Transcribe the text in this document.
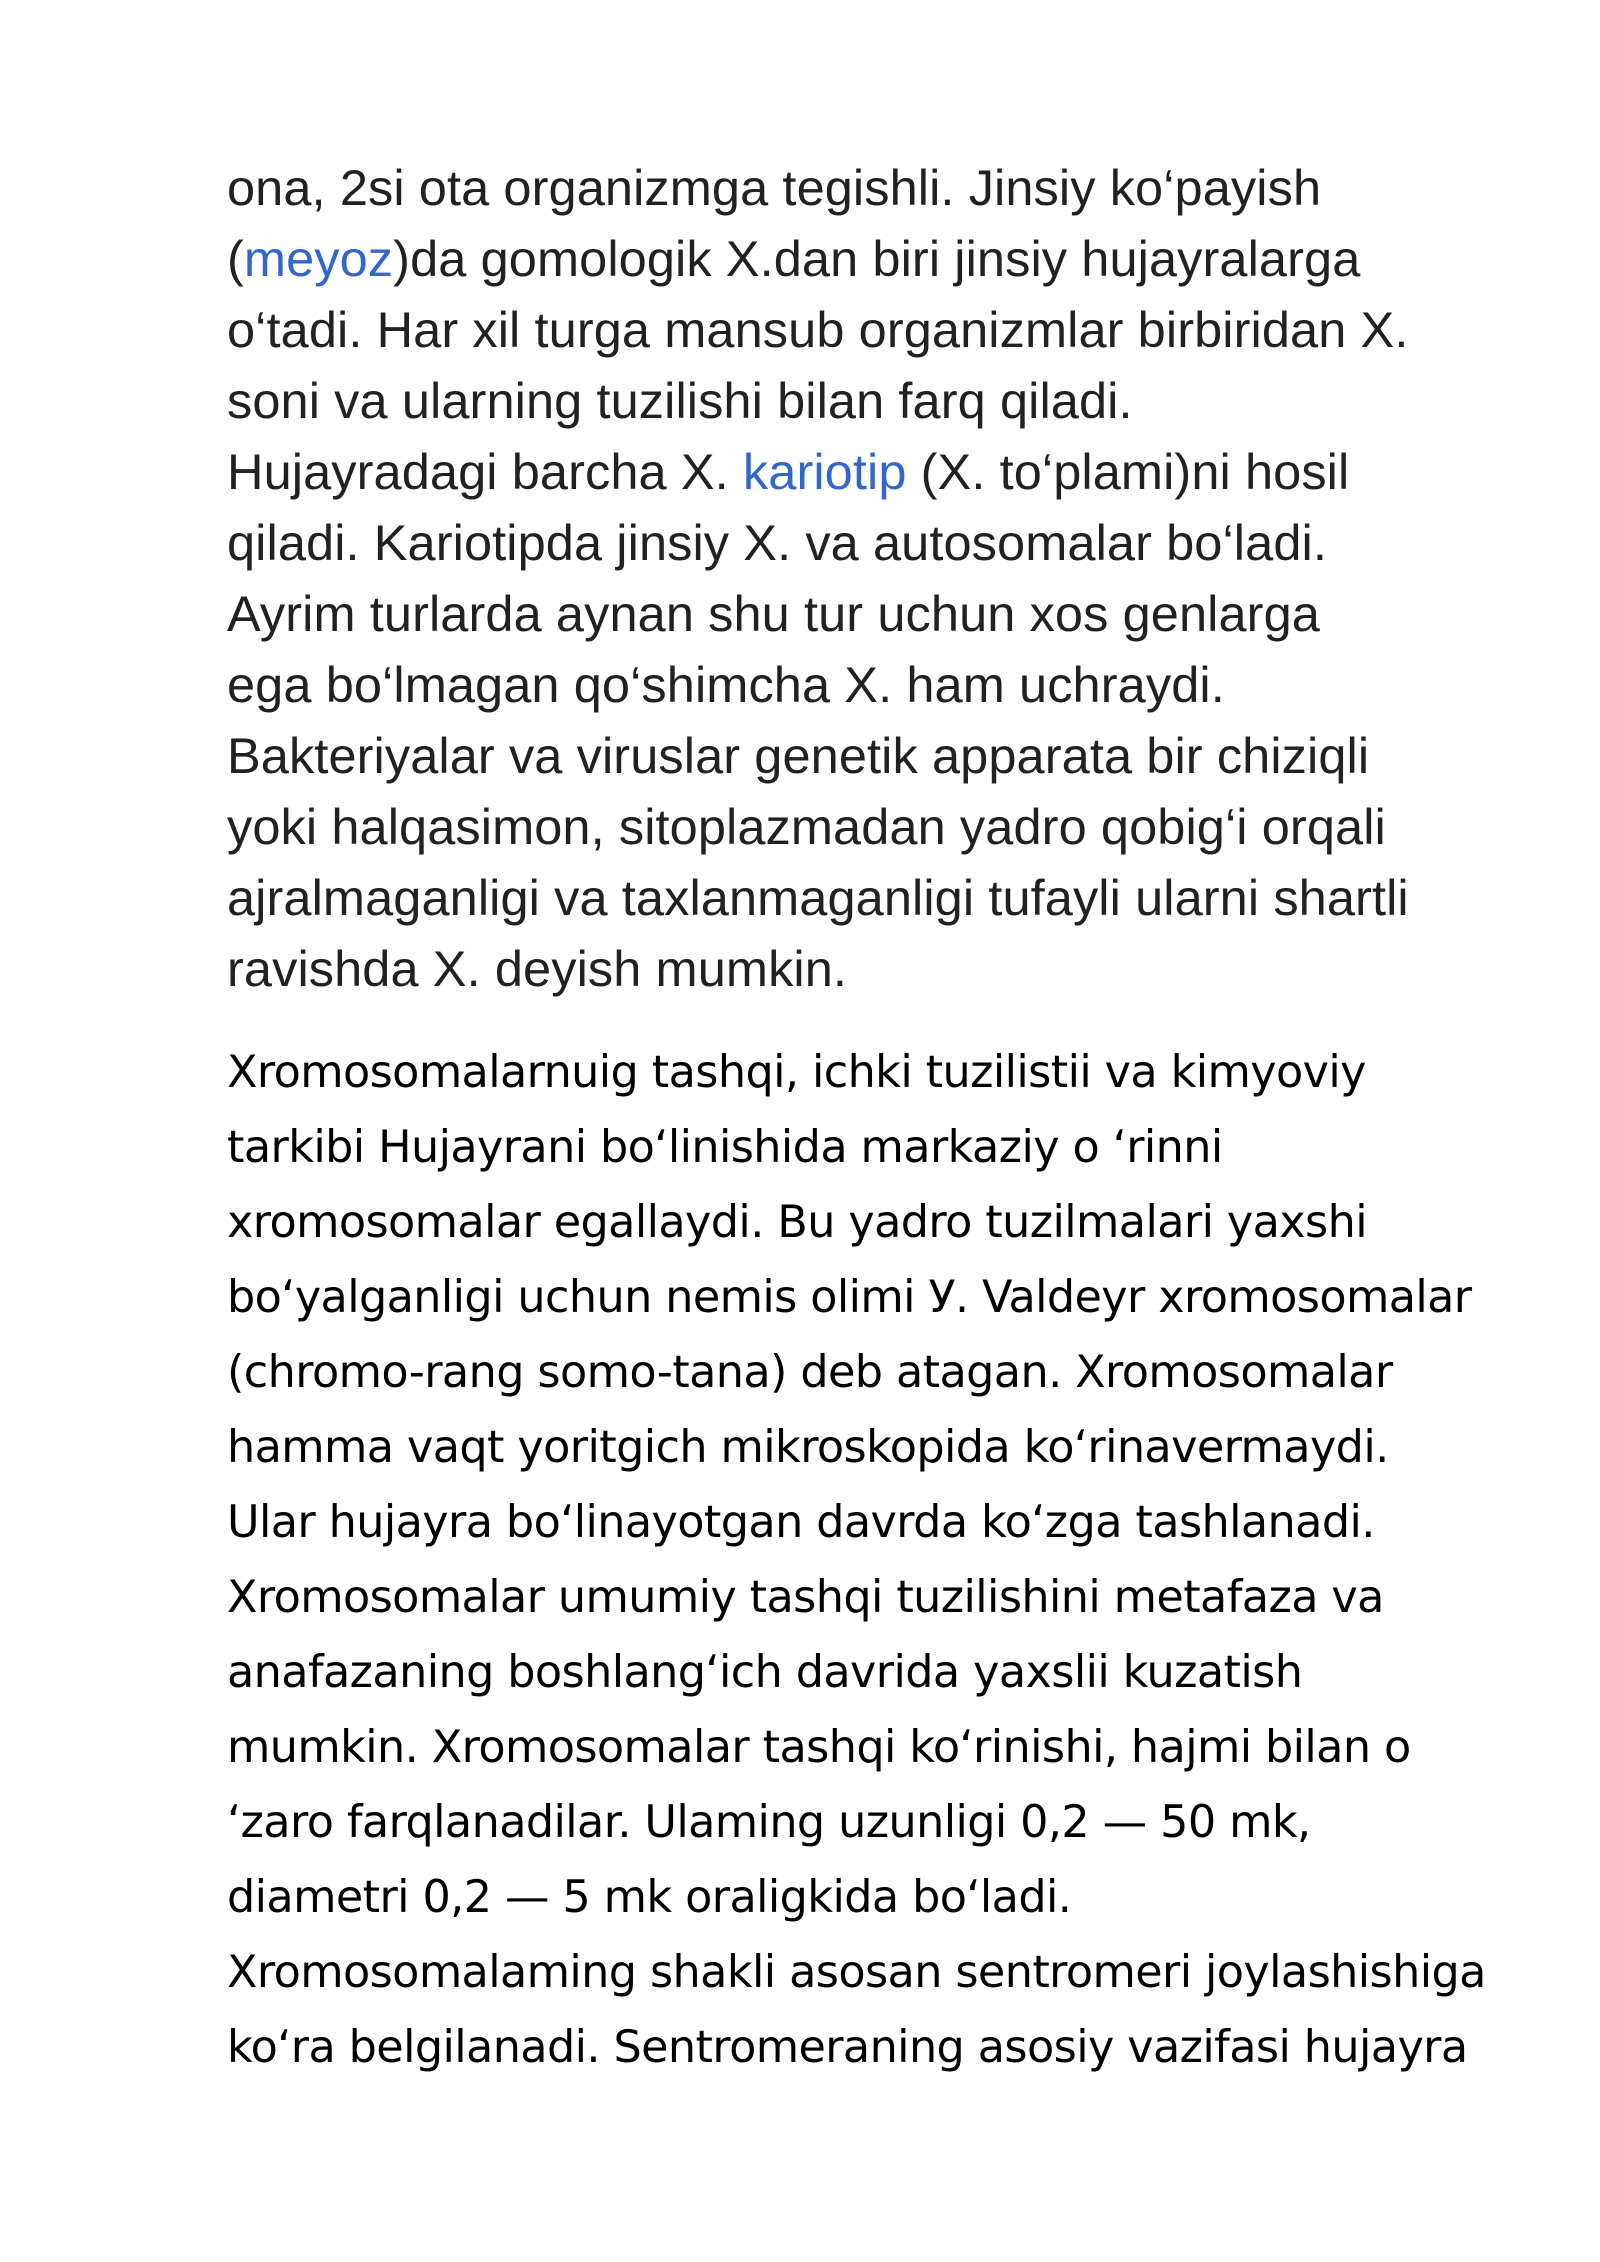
ona, 2si ota organizmga tegishli. Jinsiy ko‘payish
(meyoz)da gomologik X.dan biri jinsiy hujayralarga
o‘tadi. Har xil turga mansub organizmlar birbiridan X.
soni va ularning tuzilishi bilan farq qiladi.
Hujayradagi barcha X. kariotip (X. to‘plami)ni hosil
qiladi. Kariotipda jinsiy X. va autosomalar bo‘ladi.
Ayrim turlarda aynan shu tur uchun xos genlarga
ega bo‘lmagan qo‘shimcha X. ham uchraydi.
Bakteriyalar va viruslar genetik apparata bir chiziqli
yoki halqasimon, sitoplazmadan yadro qobig‘i orqali
ajralmaganligi va taxlanmaganligi tufayli ularni shartli
ravishda X. deyish mumkin.

Xromosomalarnuig tashqi, ichki tuzilistii va kimyoviy
tarkibi Hujayrani bo‘linishida markaziy o ‘rinni
xromosomalar egallaydi. Bu yadro tuzilmalari yaxshi
bo‘yalganligi uchun nemis olimi У. Valdeyr xromosomalar
(chromo-rang somo-tana) deb atagan. Xromosomalar
hamma vaqt yoritgich mikroskopida ko‘rinavermaydi.
Ular hujayra bo‘linayotgan davrda ko‘zga tashlanadi.
Xromosomalar umumiy tashqi tuzilishini metafaza va
anafazaning boshlang‘ich davrida yaxslii kuzatish
mumkin. Xromosomalar tashqi ko‘rinishi, hajmi bilan o
‘zaro farqlanadilar. Ulaming uzunligi 0,2 — 50 mk,
diametri 0,2 — 5 mk oraligkida bo‘ladi.
Xromosomalaming shakli asosan sentromeri joylashishiga
ko‘ra belgilanadi. Sentromeraning asosiy vazifasi hujayra
